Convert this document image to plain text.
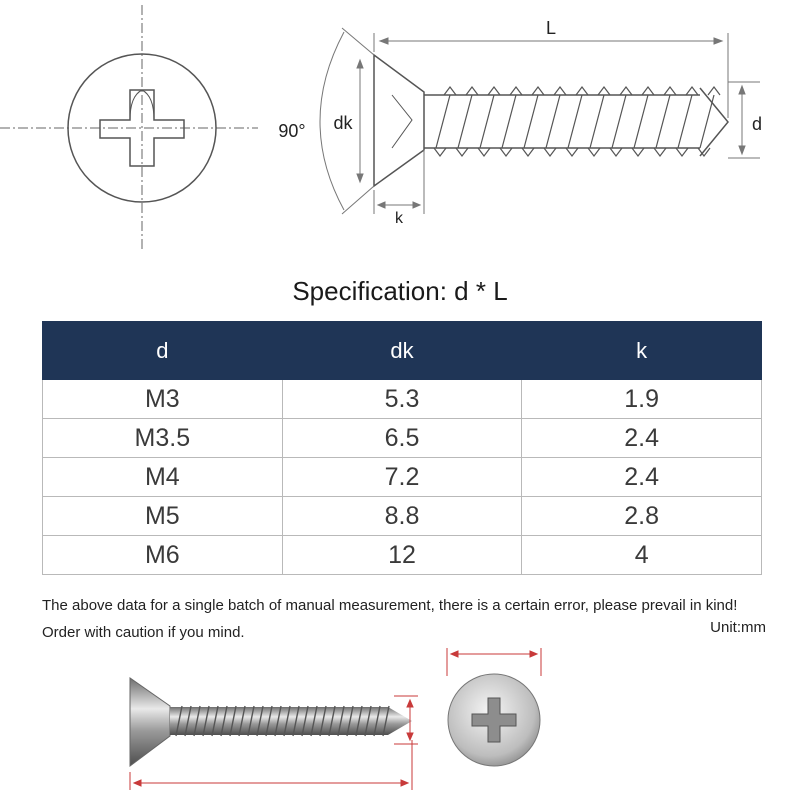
L
d
dk
k
90°
Specification: d * L
d	dk	k
M3	5.3	1.9
M3.5	6.5	2.4
M4	7.2	2.4
M5	8.8	2.8
M6	12	4
The above data for a single batch of manual measurement, there is a certain error, please prevail in kind! Order with caution if you mind.	Unit:mm
